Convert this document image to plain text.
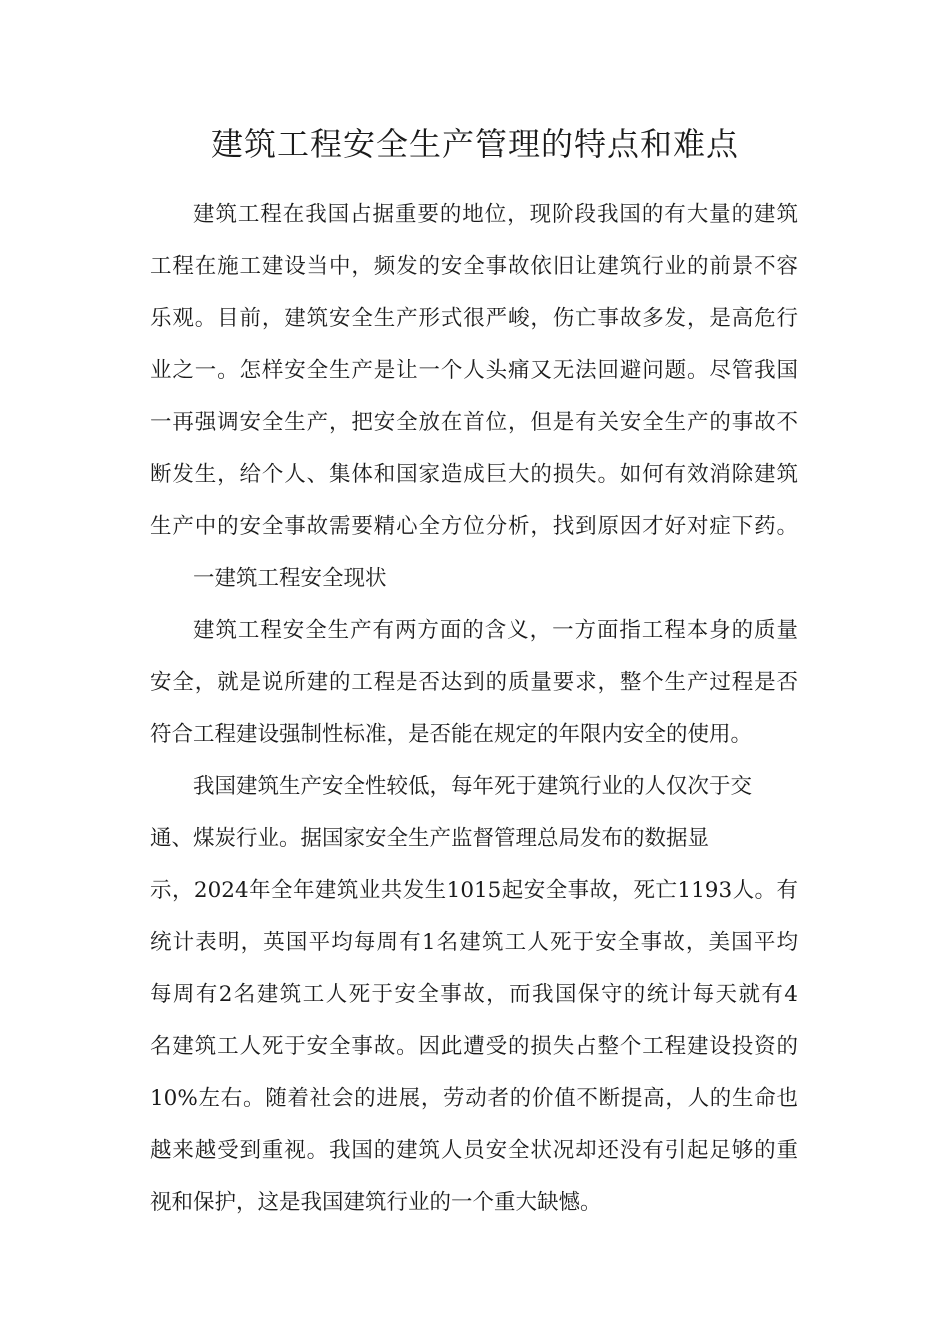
建筑工程安全生产管理的特点和难点
建筑工程在我国占据重要的地位，现阶段我国的有大量的建筑
工程在施工建设当中，频发的安全事故依旧让建筑行业的前景不容
乐观。目前，建筑安全生产形式很严峻，伤亡事故多发，是高危行
业之一。怎样安全生产是让一个人头痛又无法回避问题。尽管我国
一再强调安全生产，把安全放在首位，但是有关安全生产的事故不
断发生，给个人、集体和国家造成巨大的损失。如何有效消除建筑
生产中的安全事故需要精心全方位分析，找到原因才好对症下药。
一建筑工程安全现状
建筑工程安全生产有两方面的含义，一方面指工程本身的质量
安全，就是说所建的工程是否达到的质量要求，整个生产过程是否
符合工程建设强制性标准，是否能在规定的年限内安全的使用。
我国建筑生产安全性较低，每年死于建筑行业的人仅次于交
通、煤炭行业。据国家安全生产监督管理总局发布的数据显
示，2024年全年建筑业共发生1015起安全事故，死亡1193人。有
统计表明，英国平均每周有1名建筑工人死于安全事故，美国平均
每周有2名建筑工人死于安全事故，而我国保守的统计每天就有4
名建筑工人死于安全事故。因此遭受的损失占整个工程建设投资的
10%左右。随着社会的进展，劳动者的价值不断提高，人的生命也
越来越受到重视。我国的建筑人员安全状况却还没有引起足够的重
视和保护，这是我国建筑行业的一个重大缺憾。
